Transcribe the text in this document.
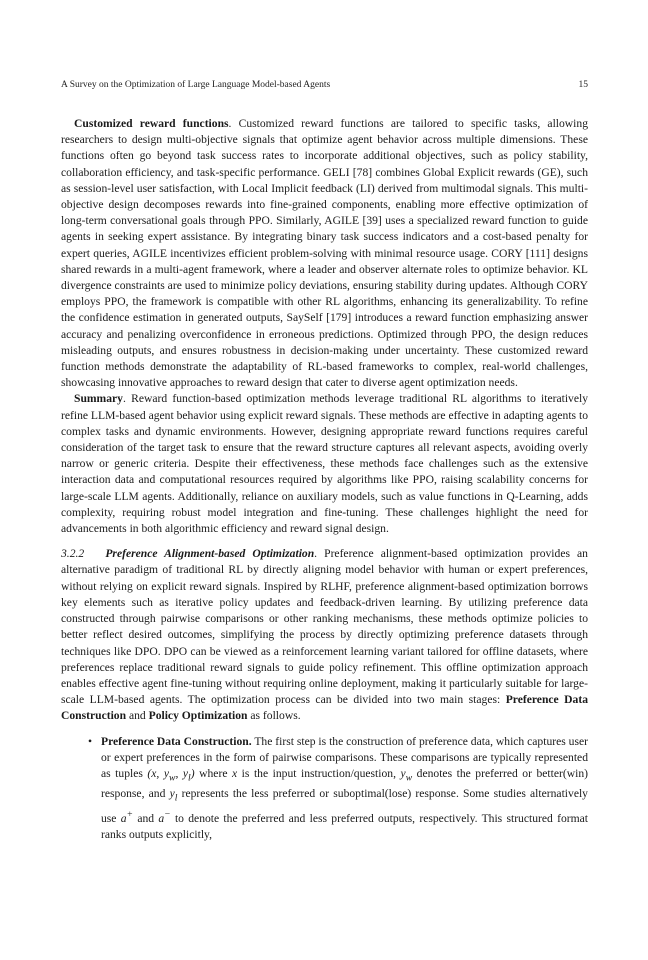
A Survey on the Optimization of Large Language Model-based Agents	15

Customized reward functions. Customized reward functions are tailored to specific tasks, allowing researchers to design multi-objective signals that optimize agent behavior across multiple dimensions. These functions often go beyond task success rates to incorporate additional objectives, such as policy stability, collaboration efficiency, and task-specific performance. GELI [78] combines Global Explicit rewards (GE), such as session-level user satisfaction, with Local Implicit feedback (LI) derived from multimodal signals. This multi-objective design decomposes rewards into fine-grained components, enabling more effective optimization of long-term conversational goals through PPO. Similarly, AGILE [39] uses a specialized reward function to guide agents in seeking expert assistance. By integrating binary task success indicators and a cost-based penalty for expert queries, AGILE incentivizes efficient problem-solving with minimal resource usage. CORY [111] designs shared rewards in a multi-agent framework, where a leader and observer alternate roles to optimize behavior. KL divergence constraints are used to minimize policy deviations, ensuring stability during updates. Although CORY employs PPO, the framework is compatible with other RL algorithms, enhancing its generalizability. To refine the confidence estimation in generated outputs, SaySelf [179] introduces a reward function emphasizing answer accuracy and penalizing overconfidence in erroneous predictions. Optimized through PPO, the design reduces misleading outputs, and ensures robustness in decision-making under uncertainty. These customized reward function methods demonstrate the adaptability of RL-based frameworks to complex, real-world challenges, showcasing innovative approaches to reward design that cater to diverse agent optimization needs.

Summary. Reward function-based optimization methods leverage traditional RL algorithms to iteratively refine LLM-based agent behavior using explicit reward signals. These methods are effective in adapting agents to complex tasks and dynamic environments. However, designing appropriate reward functions requires careful consideration of the target task to ensure that the reward structure captures all relevant aspects, avoiding overly narrow or generic criteria. Despite their effectiveness, these methods face challenges such as the extensive interaction data and computational resources required by algorithms like PPO, raising scalability concerns for large-scale LLM agents. Additionally, reliance on auxiliary models, such as value functions in Q-Learning, adds complexity, requiring robust model integration and fine-tuning. These challenges highlight the need for advancements in both algorithmic efficiency and reward signal design.

3.2.2 Preference Alignment-based Optimization. Preference alignment-based optimization provides an alternative paradigm of traditional RL by directly aligning model behavior with human or expert preferences, without relying on explicit reward signals. Inspired by RLHF, preference alignment-based optimization borrows key elements such as iterative policy updates and feedback-driven learning. By utilizing preference data constructed through pairwise comparisons or other ranking mechanisms, these methods optimize policies to better reflect desired outcomes, simplifying the process by directly optimizing preference datasets through techniques like DPO. DPO can be viewed as a reinforcement learning variant tailored for offline datasets, where preferences replace traditional reward signals to guide policy refinement. This offline optimization approach enables effective agent fine-tuning without requiring online deployment, making it particularly suitable for large-scale LLM-based agents. The optimization process can be divided into two main stages: Preference Data Construction and Policy Optimization as follows.

• Preference Data Construction. The first step is the construction of preference data, which captures user or expert preferences in the form of pairwise comparisons. These comparisons are typically represented as tuples (x, $y_w$, $y_l$) where x is the input instruction/question, $y_w$ denotes the preferred or better(win) response, and $y_l$ represents the less preferred or suboptimal(lose) response. Some studies alternatively use a+ and a− to denote the preferred and less preferred outputs, respectively. This structured format ranks outputs explicitly,
